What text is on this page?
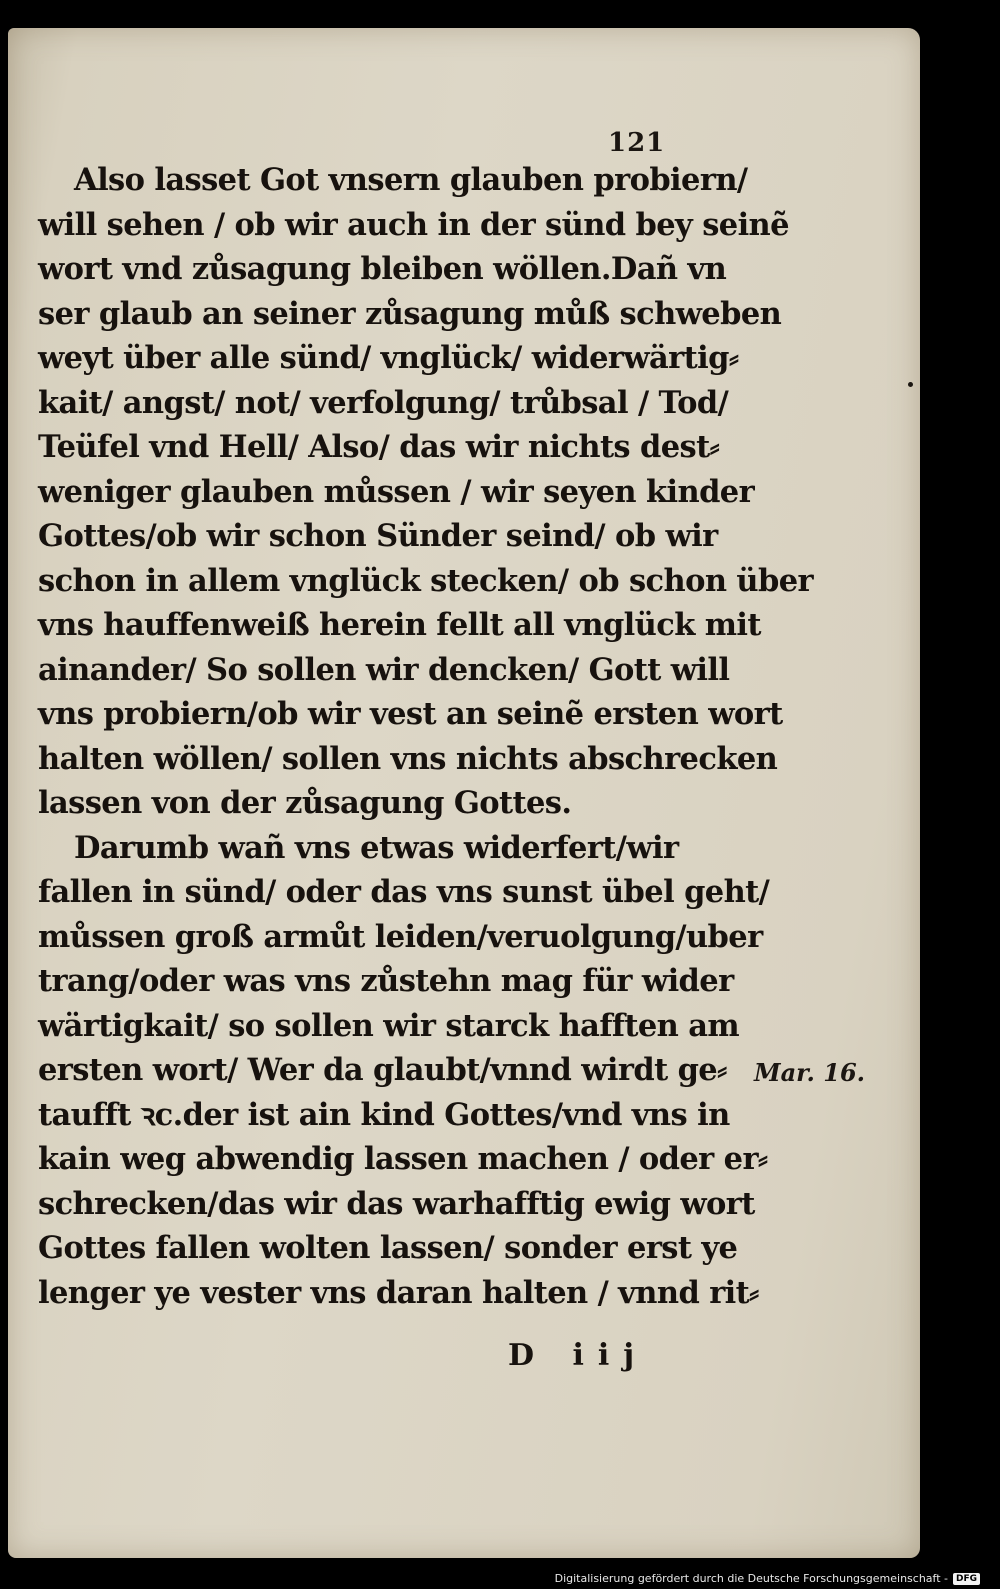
121
Also lasset Got vnsern glauben probiern/
will sehen / ob wir auch in der sünd bey seinẽ
wort vnd zůsagung bleiben wöllen.Dañ vn
ser glaub an seiner zůsagung můß schweben
weyt über alle sünd/ vnglück/ widerwärtig⸗
kait/ angst/ not/ verfolgung/ trůbsal / Tod/
Teüfel vnd Hell/ Also/ das wir nichts dest⸗
weniger glauben můssen / wir seyen kinder
Gottes/ob wir schon Sünder seind/ ob wir
schon in allem vnglück stecken/ ob schon über
vns hauffenweiß herein fellt all vnglück mit
ainander/ So sollen wir dencken/ Gott will
vns probiern/ob wir vest an seinẽ ersten wort
halten wöllen/ sollen vns nichts abschrecken
lassen von der zůsagung Gottes.
Darumb wañ vns etwas widerfert/wir
fallen in sünd/ oder das vns sunst übel geht/
můssen groß armůt leiden/veruolgung/uber
trang/oder was vns zůstehn mag für wider
wärtigkait/ so sollen wir starck hafften am
ersten wort/ Wer da glaubt/vnnd wirdt ge⸗
taufft ꝛc.der ist ain kind Gottes/vnd vns in
kain weg abwendig lassen machen / oder er⸗
schrecken/das wir das warhafftig ewig wort
Gottes fallen wolten lassen/ sonder erst ye
lenger ye vester vns daran halten / vnnd rit⸗
Mar. 16.
D iij
Digitalisierung gefördert durch die Deutsche Forschungsgemeinschaft - DFG
